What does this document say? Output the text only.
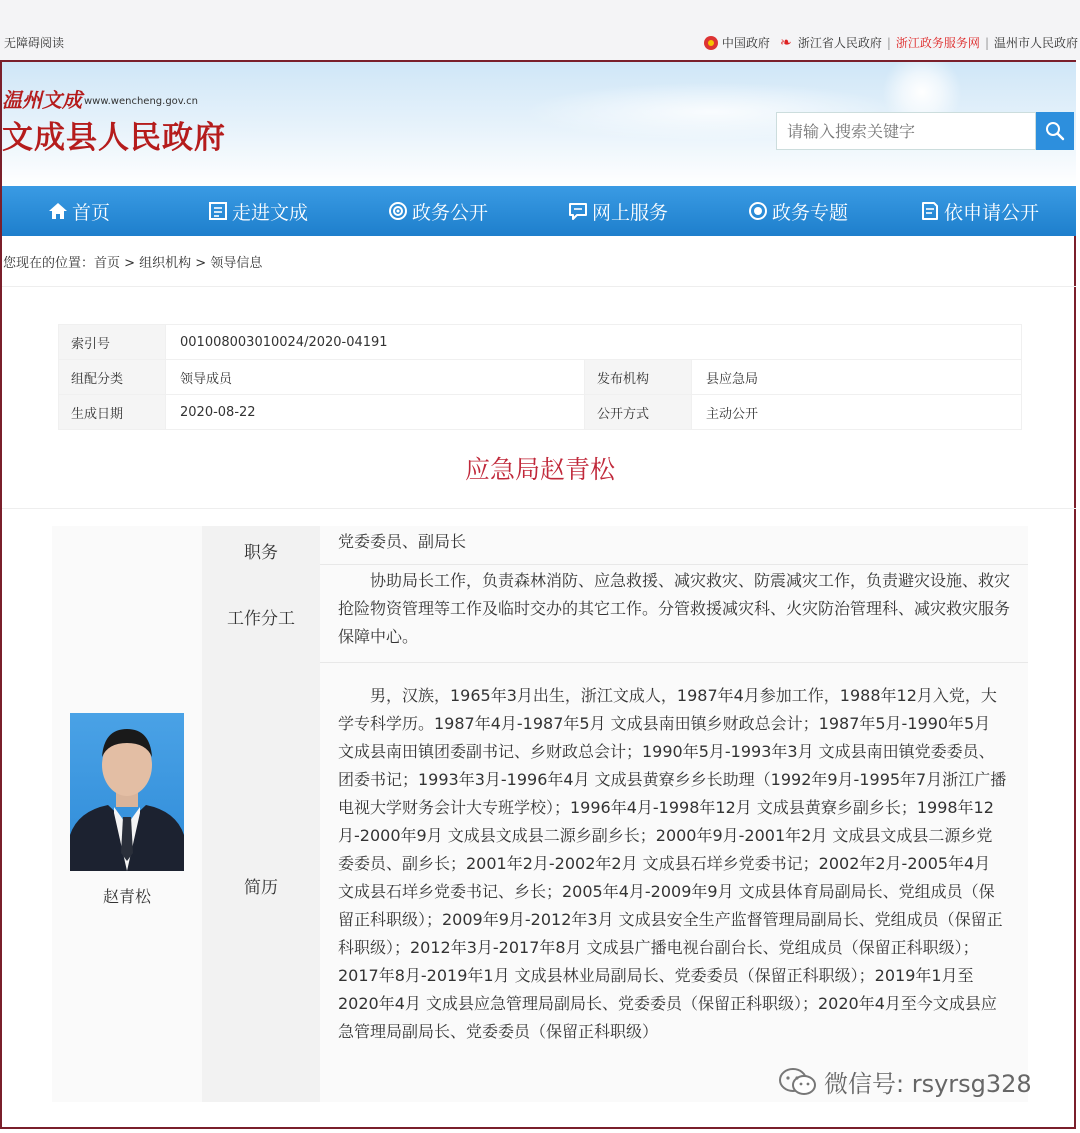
无障碍阅读	中国政府 ❧ 浙江省人民政府 | 浙江政务服务网 | 温州市人民政府
温州文成 www.wencheng.gov.cn
文成县人民政府
请输入搜索关键字
首页	走进文成	政务公开	网上服务	政务专题	依申请公开
您现在的位置：首页 > 组织机构 > 领导信息
索引号	001008003010024/2020-04191		
组配分类	领导成员	发布机构	县应急局
生成日期	2020-08-22	公开方式	主动公开
应急局赵青松
赵青松
职务
党委委员、副局长
工作分工
协助局长工作，负责森林消防、应急救援、减灾救灾、防震减灾工作，负责避灾设施、救灾抢险物资管理等工作及临时交办的其它工作。分管救援减灾科、火灾防治管理科、减灾救灾服务保障中心。
简历
男，汉族，1965年3月出生，浙江文成人，1987年4月参加工作，1988年12月入党，大学专科学历。1987年4月-1987年5月 文成县南田镇乡财政总会计；1987年5月-1990年5月 文成县南田镇团委副书记、乡财政总会计；1990年5月-1993年3月 文成县南田镇党委委员、团委书记；1993年3月-1996年4月 文成县黄寮乡乡长助理（1992年9月-1995年7月浙江广播电视大学财务会计大专班学校）；1996年4月-1998年12月 文成县黄寮乡副乡长；1998年12月-2000年9月 文成县文成县二源乡副乡长；2000年9月-2001年2月 文成县文成县二源乡党委委员、副乡长；2001年2月-2002年2月 文成县石垟乡党委书记；2002年2月-2005年4月 文成县石垟乡党委书记、乡长；2005年4月-2009年9月 文成县体育局副局长、党组成员（保留正科职级）；2009年9月-2012年3月 文成县安全生产监督管理局副局长、党组成员（保留正科职级）；2012年3月-2017年8月 文成县广播电视台副台长、党组成员（保留正科职级）；2017年8月-2019年1月 文成县林业局副局长、党委委员（保留正科职级）；2019年1月至2020年4月 文成县应急管理局副局长、党委委员（保留正科职级）；2020年4月至今文成县应急管理局副局长、党委委员（保留正科职级）
微信号: rsyrsg328
